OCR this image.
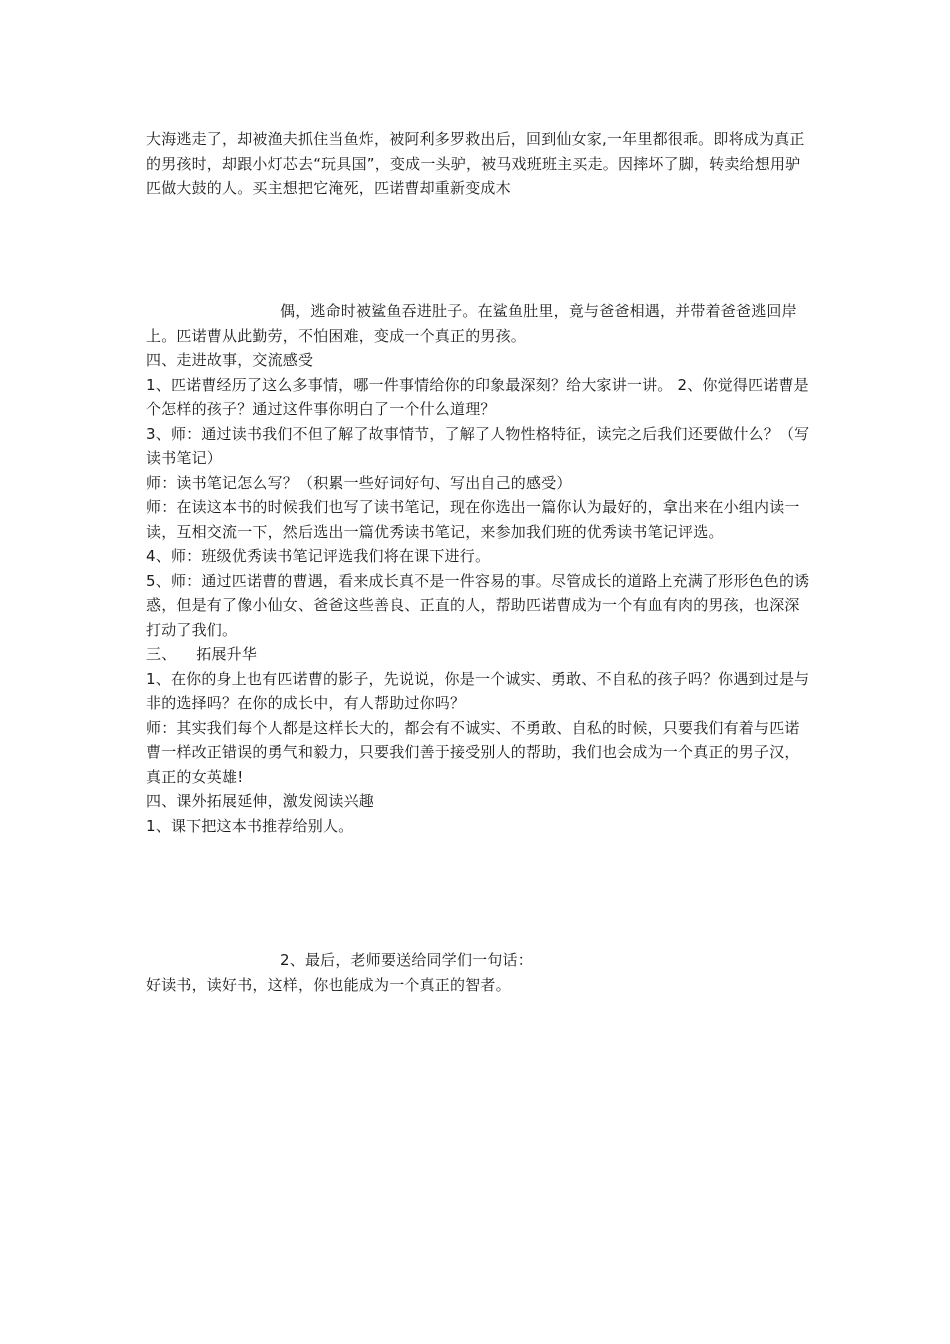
大海逃走了，却被渔夫抓住当鱼炸，被阿利多罗救出后，回到仙女家,一年里都很乖。即将成为真正的男孩时，却跟小灯芯去“玩具国”，变成一头驴，被马戏班班主买走。因摔坏了脚，转卖给想用驴匹做大鼓的人。买主想把它淹死，匹诺曹却重新变成木

偶，逃命时被鲨鱼吞进肚子。在鲨鱼肚里，竟与爸爸相遇，并带着爸爸逃回岸上。匹诺曹从此勤劳，不怕困难，变成一个真正的男孩。

四、走进故事，交流感受

1、匹诺曹经历了这么多事情，哪一件事情给你的印象最深刻？给大家讲一讲。 2、你觉得匹诺曹是个怎样的孩子？通过这件事你明白了一个什么道理？

3、师：通过读书我们不但了解了故事情节，了解了人物性格特征，读完之后我们还要做什么？（写读书笔记）

师：读书笔记怎么写？（积累一些好词好句、写出自己的感受）

师：在读这本书的时候我们也写了读书笔记，现在你选出一篇你认为最好的，拿出来在小组内读一读，互相交流一下，然后选出一篇优秀读书笔记，来参加我们班的优秀读书笔记评选。

4、师：班级优秀读书笔记评选我们将在课下进行。

5、师：通过匹诺曹的曹遇，看来成长真不是一件容易的事。尽管成长的道路上充满了形形色色的诱惑，但是有了像小仙女、爸爸这些善良、正直的人，帮助匹诺曹成为一个有血有肉的男孩，也深深打动了我们。

三、    拓展升华

1、在你的身上也有匹诺曹的影子，先说说，你是一个诚实、勇敢、不自私的孩子吗？你遇到过是与非的选择吗？在你的成长中，有人帮助过你吗？

师：其实我们每个人都是这样长大的，都会有不诚实、不勇敢、自私的时候，只要我们有着与匹诺曹一样改正错误的勇气和毅力，只要我们善于接受别人的帮助，我们也会成为一个真正的男子汉，真正的女英雄!

四、课外拓展延伸，激发阅读兴趣

1、课下把这本书推荐给别人。

2、最后，老师要送给同学们一句话：

好读书，读好书，这样，你也能成为一个真正的智者。
